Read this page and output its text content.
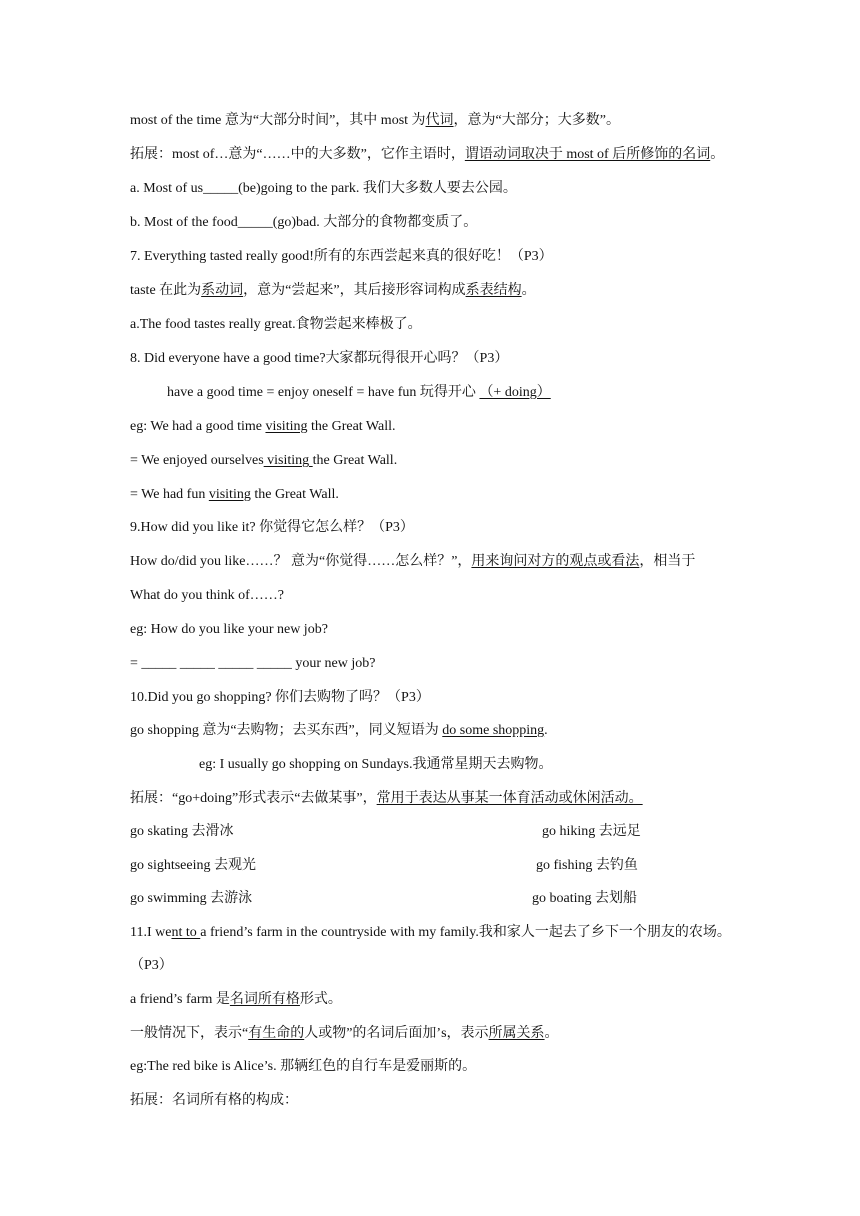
most of the time 意为“大部分时间”，其中 most 为代词，意为“大部分；大多数”。
拓展：most of…意为“……中的大多数”，它作主语时，谓语动词取决于 most of 后所修饰的名词。
a. Most of us_____(be)going to the park. 我们大多数人要去公园。
b. Most of the food_____(go)bad. 大部分的食物都变质了。
7. Everything tasted really good!所有的东西尝起来真的很好吃！（P3）
taste 在此为系动词，意为“尝起来”，其后接形容词构成系表结构。
a.The food tastes really great.食物尝起来棒极了。
8. Did everyone have a good time?大家都玩得很开心吗？（P3）
have a good time = enjoy oneself = have fun 玩得开心 （+ doing）
eg: We had a good time visiting the Great Wall.
= We enjoyed ourselves visiting the Great Wall.
= We had fun visiting the Great Wall.
9.How did you like it? 你觉得它怎么样？（P3）
How do/did you like……？ 意为“你觉得……怎么样？”，用来询问对方的观点或看法，相当于
What do you think of……?
eg: How do you like your new job?
= _____ _____ _____ _____ your new job?
10.Did you go shopping? 你们去购物了吗？（P3）
go shopping 意为“去购物；去买东西”，同义短语为 do some shopping.
eg: I usually go shopping on Sundays.我通常星期天去购物。
拓展：“go+doing”形式表示“去做某事”，常用于表达从事某一体育活动或休闲活动。
go skating 去滑冰	go hiking 去远足
go sightseeing 去观光	go fishing 去钓鱼
go swimming 去游泳	go boating 去划船
11.I went to a friend’s farm in the countryside with my family.我和家人一起去了乡下一个朋友的农场。
（P3）
a friend’s farm 是名词所有格形式。
一般情况下，表示“有生命的人或物”的名词后面加’s，表示所属关系。
eg:The red bike is Alice’s. 那辆红色的自行车是爱丽斯的。
拓展：名词所有格的构成：
